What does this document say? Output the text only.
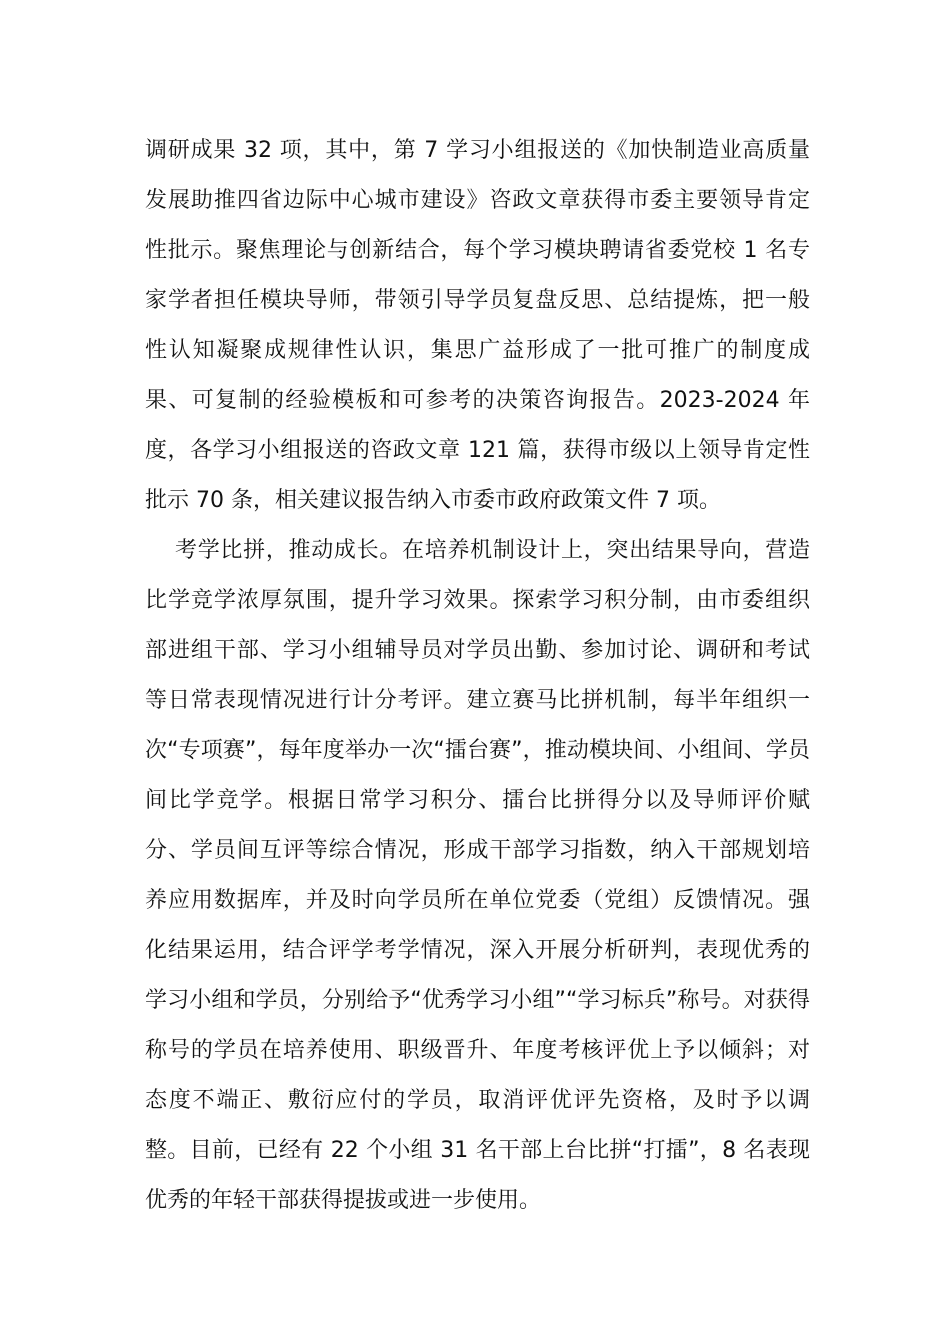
调研成果 32 项，其中，第 7 学习小组报送的《加快制造业高质量
发展助推四省边际中心城市建设》咨政文章获得市委主要领导肯定
性批示。聚焦理论与创新结合，每个学习模块聘请省委党校 1 名专
家学者担任模块导师，带领引导学员复盘反思、总结提炼，把一般
性认知凝聚成规律性认识，集思广益形成了一批可推广的制度成
果、可复制的经验模板和可参考的决策咨询报告。2023-2024 年
度，各学习小组报送的咨政文章 121 篇，获得市级以上领导肯定性
批示 70 条，相关建议报告纳入市委市政府政策文件 7 项。
考学比拼，推动成长。在培养机制设计上，突出结果导向，营造
比学竞学浓厚氛围，提升学习效果。探索学习积分制，由市委组织
部进组干部、学习小组辅导员对学员出勤、参加讨论、调研和考试
等日常表现情况进行计分考评。建立赛马比拼机制，每半年组织一
次“专项赛”，每年度举办一次“擂台赛”，推动模块间、小组间、学员
间比学竞学。根据日常学习积分、擂台比拼得分以及导师评价赋
分、学员间互评等综合情况，形成干部学习指数，纳入干部规划培
养应用数据库，并及时向学员所在单位党委（党组）反馈情况。强
化结果运用，结合评学考学情况，深入开展分析研判，表现优秀的
学习小组和学员，分别给予“优秀学习小组”“学习标兵”称号。对获得
称号的学员在培养使用、职级晋升、年度考核评优上予以倾斜；对
态度不端正、敷衍应付的学员，取消评优评先资格，及时予以调
整。目前，已经有 22 个小组 31 名干部上台比拼“打擂”，8 名表现
优秀的年轻干部获得提拔或进一步使用。
